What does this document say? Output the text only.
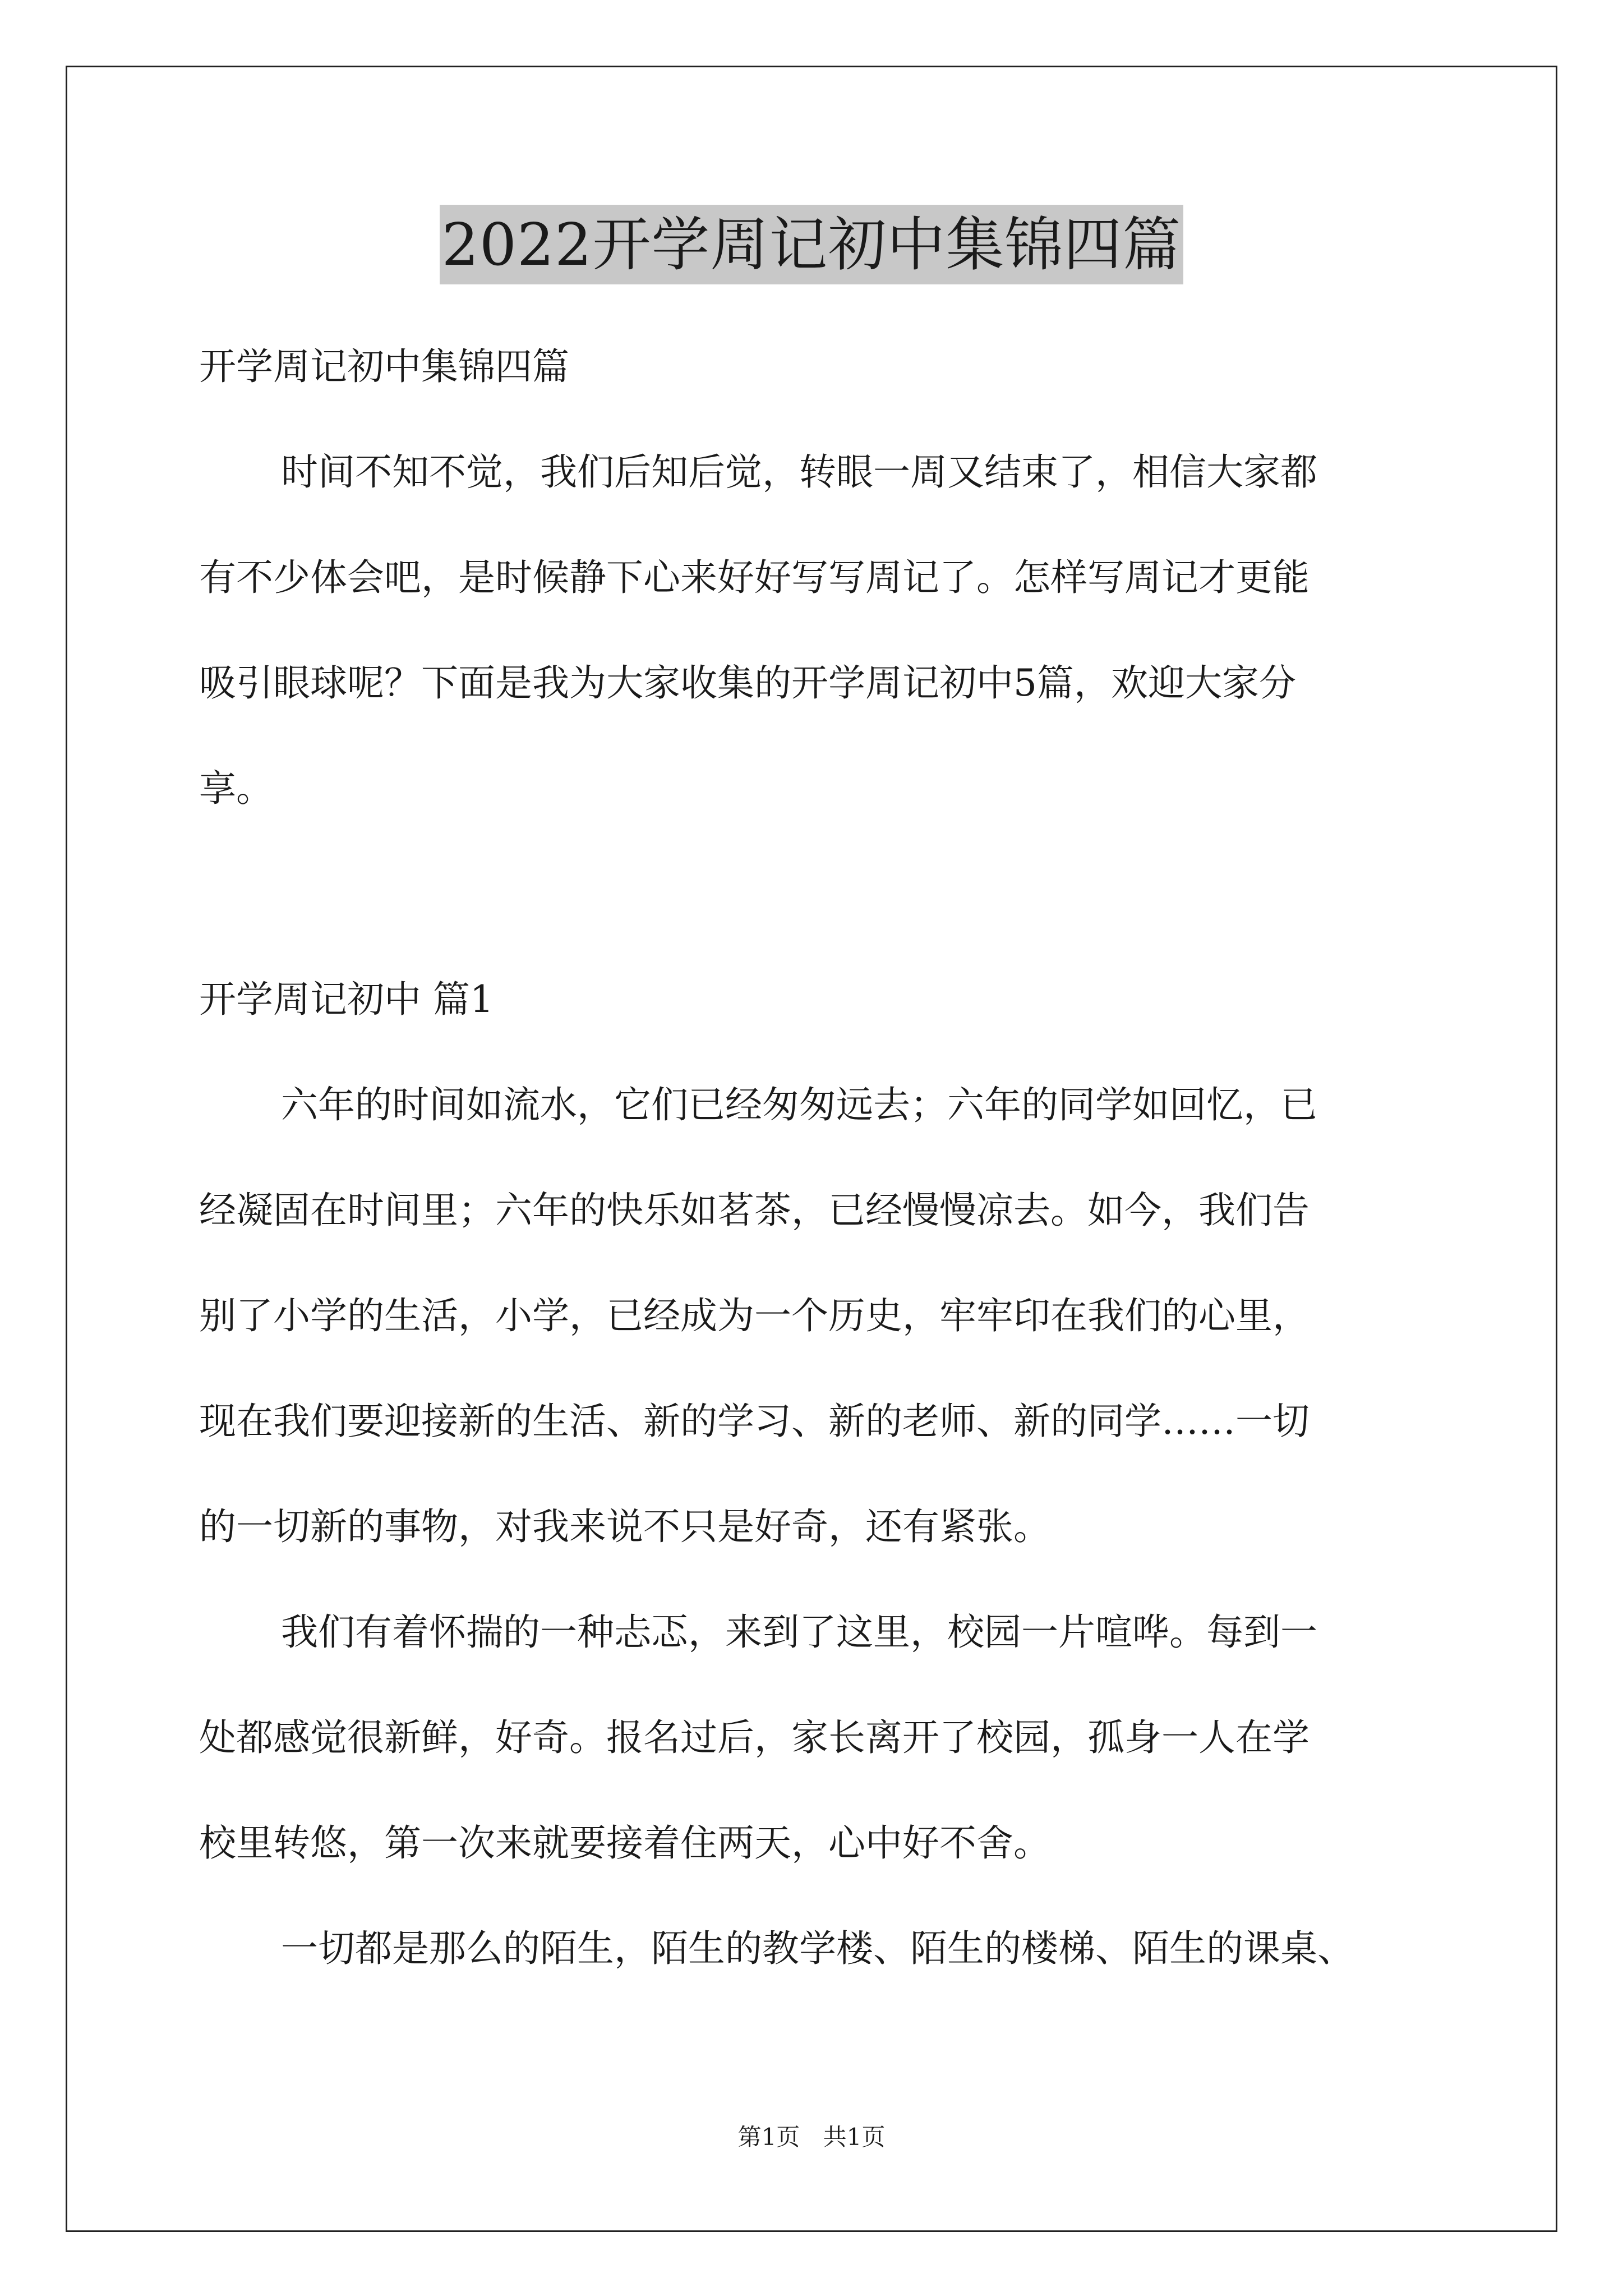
2022开学周记初中集锦四篇
开学周记初中集锦四篇
时间不知不觉，我们后知后觉，转眼一周又结束了，相信大家都
有不少体会吧，是时候静下心来好好写写周记了。怎样写周记才更能
吸引眼球呢？下面是我为大家收集的开学周记初中5篇，欢迎大家分
享。
开学周记初中 篇1
六年的时间如流水，它们已经匆匆远去；六年的同学如回忆，已
经凝固在时间里；六年的快乐如茗茶，已经慢慢凉去。如今，我们告
别了小学的生活，小学，已经成为一个历史，牢牢印在我们的心里，
现在我们要迎接新的生活、新的学习、新的老师、新的同学……一切
的一切新的事物，对我来说不只是好奇，还有紧张。
我们有着怀揣的一种忐忑，来到了这里，校园一片喧哗。每到一
处都感觉很新鲜，好奇。报名过后，家长离开了校园，孤身一人在学
校里转悠，第一次来就要接着住两天，心中好不舍。
一切都是那么的陌生，陌生的教学楼、陌生的楼梯、陌生的课桌、
第1页 共1页
